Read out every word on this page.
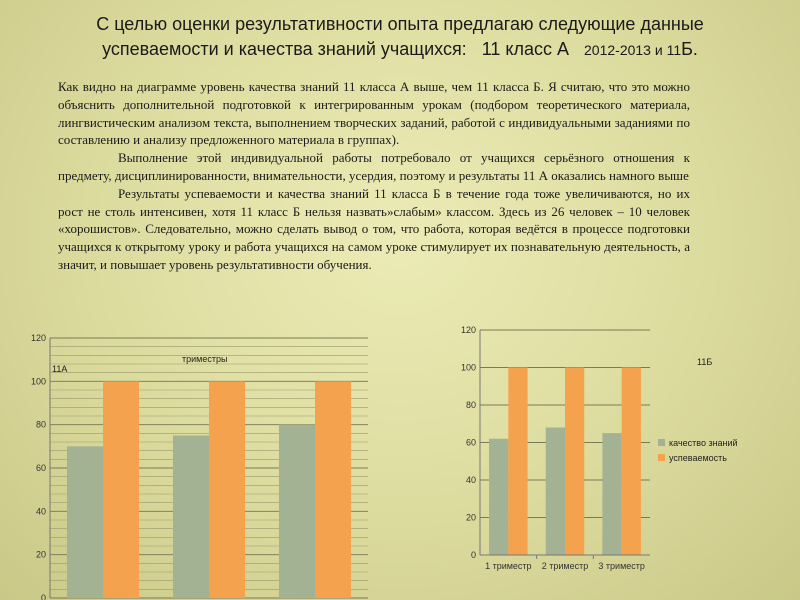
С целью оценки результативности опыта предлагаю следующие данные
успеваемости и качества знаний учащихся: 11 класс А 2012-2013 и 11Б.

Как видно на диаграмме уровень качества знаний 11 класса А выше, чем 11 класса Б. Я считаю, что это можно объяснить дополнительной подготовкой к интегрированным урокам (подбором теоретического материала, лингвистическим анализом текста, выполнением творческих заданий, работой с индивидуальными заданиями по составлению и анализу предложенного материала в группах).

Выполнение этой индивидуальной работы потребовало от учащихся серьёзного отношения к предмету, дисциплинированности, внимательности, усердия, поэтому и результаты 11 А оказались намного выше

Результаты успеваемости и качества знаний 11 класса Б в течение года тоже увеличиваются, но их рост не столь интенсивен, хотя 11 класс Б нельзя назвать»слабым» классом. Здесь из 26 человек – 10 человек «хорошистов». Следовательно, можно сделать вывод о том, что работа, которая ведётся в процессе подготовки учащихся к открытому уроку и работа учащихся на самом уроке стимулирует их познавательную деятельность, а значит, и повышает уровень результативности обучения.

0
20
40
60
80
100
120
11А
триместры
0
20
40
60
80
100
120
1 триместр 2 триместр 3 триместр
11Б
качество знаний
успеваемость
